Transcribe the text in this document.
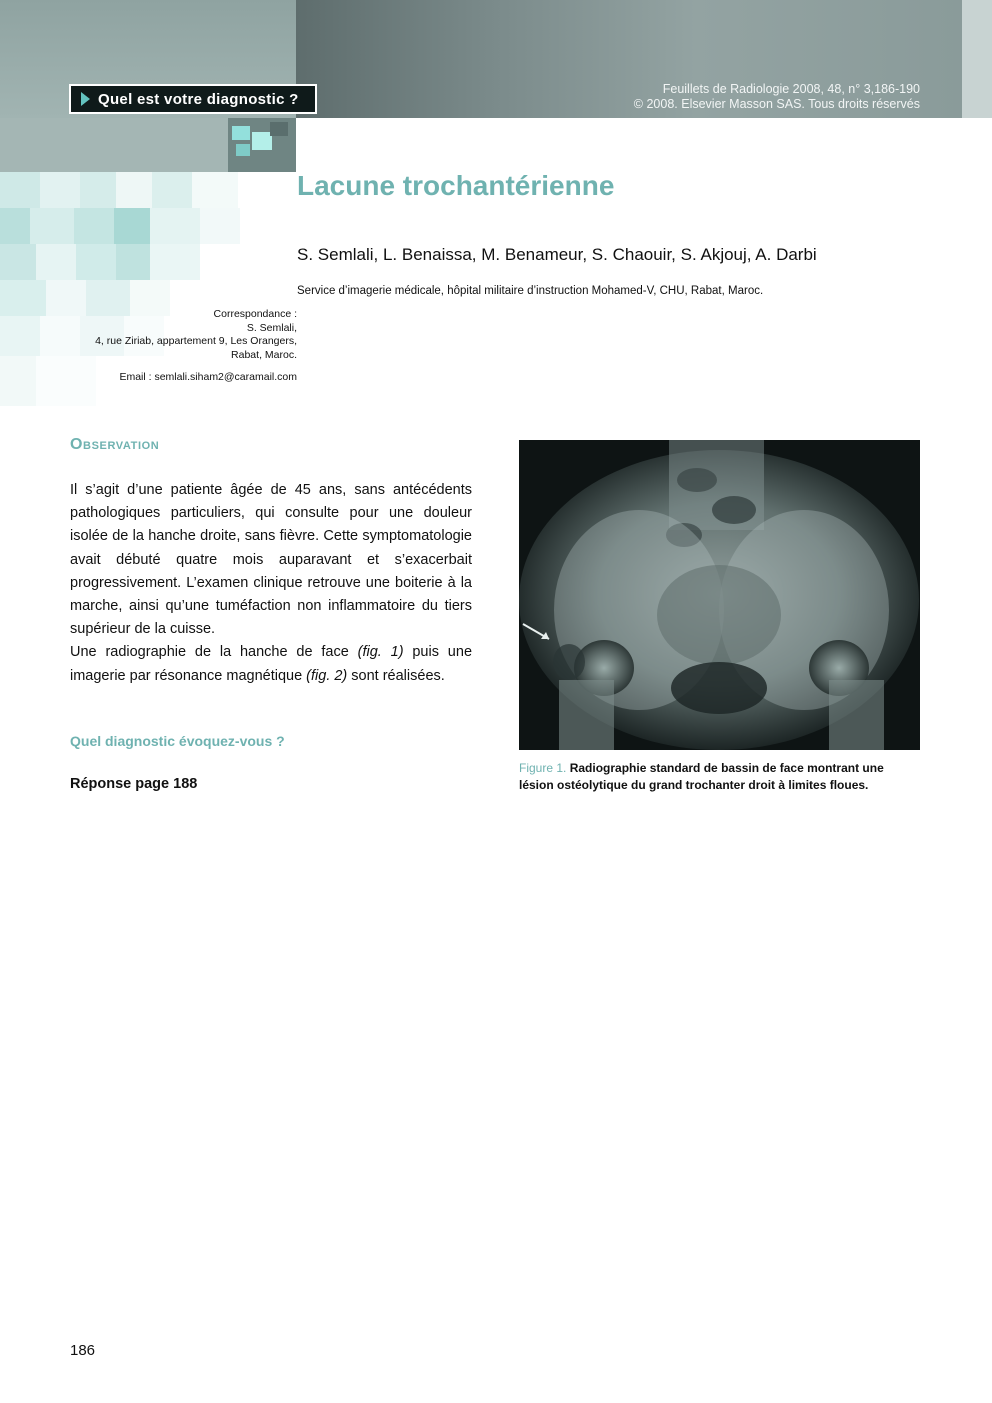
Quel est votre diagnostic ?
Feuillets de Radiologie 2008, 48, n° 3,186-190
© 2008. Elsevier Masson SAS. Tous droits réservés
Lacune trochantérienne
S. Semlali, L. Benaissa, M. Benameur, S. Chaouir, S. Akjouj, A. Darbi
Service d’imagerie médicale, hôpital militaire d’instruction Mohamed-V, CHU, Rabat, Maroc.
Correspondance :
S. Semlali,
4, rue Ziriab, appartement 9, Les Orangers,
Rabat, Maroc.
Email : semlali.siham2@caramail.com
Observation

Il s’agit d’une patiente âgée de 45 ans, sans antécédents pathologiques particuliers, qui consulte pour une douleur isolée de la hanche droite, sans fièvre. Cette symptomatologie avait débuté quatre mois auparavant et s’exacerbait progressivement. L’examen clinique retrouve une boiterie à la marche, ainsi qu’une tuméfaction non inflammatoire du tiers supérieur de la cuisse.

Une radiographie de la hanche de face (fig. 1) puis une imagerie par résonance magnétique (fig. 2) sont réalisées.

Quel diagnostic évoquez-vous ?
Réponse page 188
Figure 1. Radiographie standard de bassin de face montrant une lésion ostéolytique du grand trochanter droit à limites floues.
186
